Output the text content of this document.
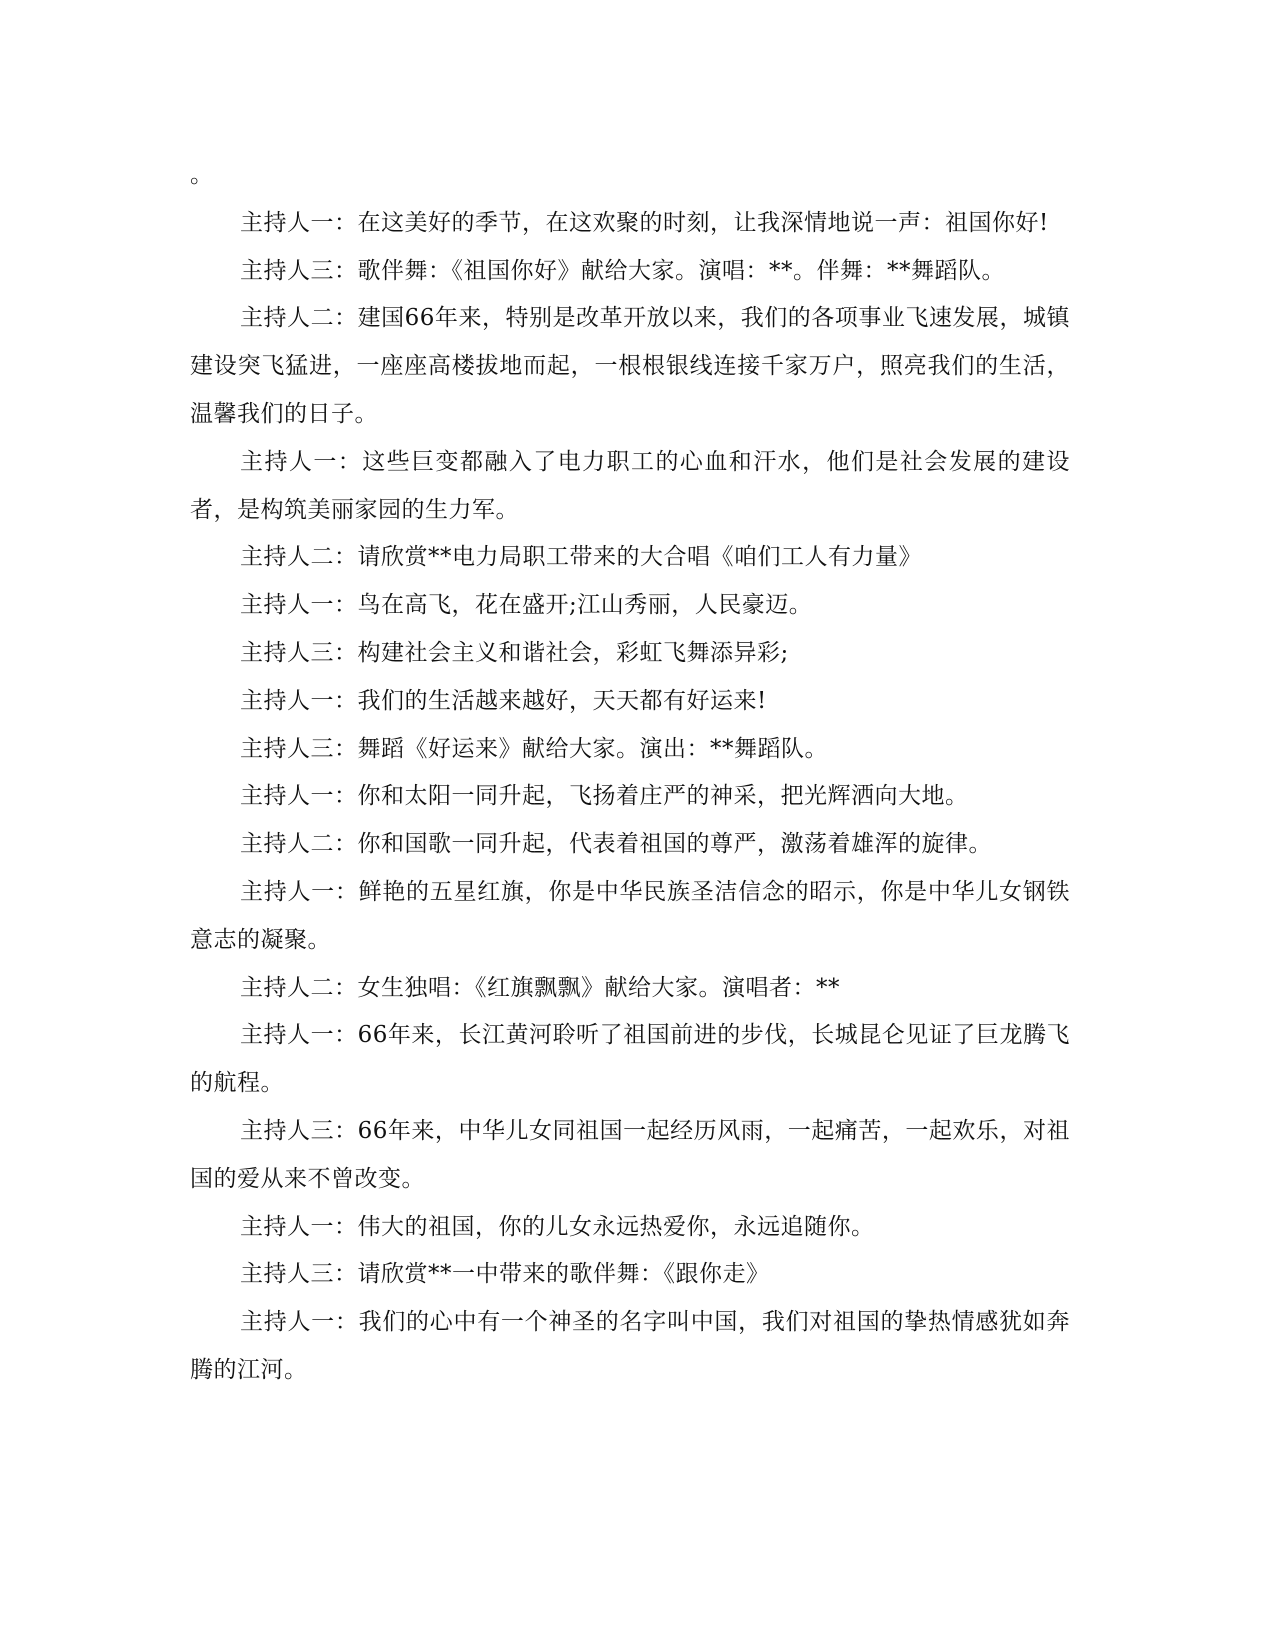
。

主持人一：在这美好的季节，在这欢聚的时刻，让我深情地说一声：祖国你好!

主持人三：歌伴舞：《祖国你好》献给大家。演唱：**。伴舞：**舞蹈队。

主持人二：建国66年来，特别是改革开放以来，我们的各项事业飞速发展，城镇建设突飞猛进，一座座高楼拔地而起，一根根银线连接千家万户，照亮我们的生活，温馨我们的日子。

主持人一：这些巨变都融入了电力职工的心血和汗水，他们是社会发展的建设者，是构筑美丽家园的生力军。

主持人二：请欣赏**电力局职工带来的大合唱《咱们工人有力量》

主持人一：鸟在高飞，花在盛开;江山秀丽，人民豪迈。

主持人三：构建社会主义和谐社会，彩虹飞舞添异彩;

主持人一：我们的生活越来越好，天天都有好运来!

主持人三：舞蹈《好运来》献给大家。演出：**舞蹈队。

主持人一：你和太阳一同升起，飞扬着庄严的神采，把光辉洒向大地。

主持人二：你和国歌一同升起，代表着祖国的尊严，激荡着雄浑的旋律。

主持人一：鲜艳的五星红旗，你是中华民族圣洁信念的昭示，你是中华儿女钢铁意志的凝聚。

主持人二：女生独唱：《红旗飘飘》献给大家。演唱者：**

主持人一：66年来，长江黄河聆听了祖国前进的步伐，长城昆仑见证了巨龙腾飞的航程。

主持人三：66年来，中华儿女同祖国一起经历风雨，一起痛苦，一起欢乐，对祖国的爱从来不曾改变。

主持人一：伟大的祖国，你的儿女永远热爱你，永远追随你。

主持人三：请欣赏**一中带来的歌伴舞：《跟你走》

主持人一：我们的心中有一个神圣的名字叫中国，我们对祖国的挚热情感犹如奔腾的江河。
